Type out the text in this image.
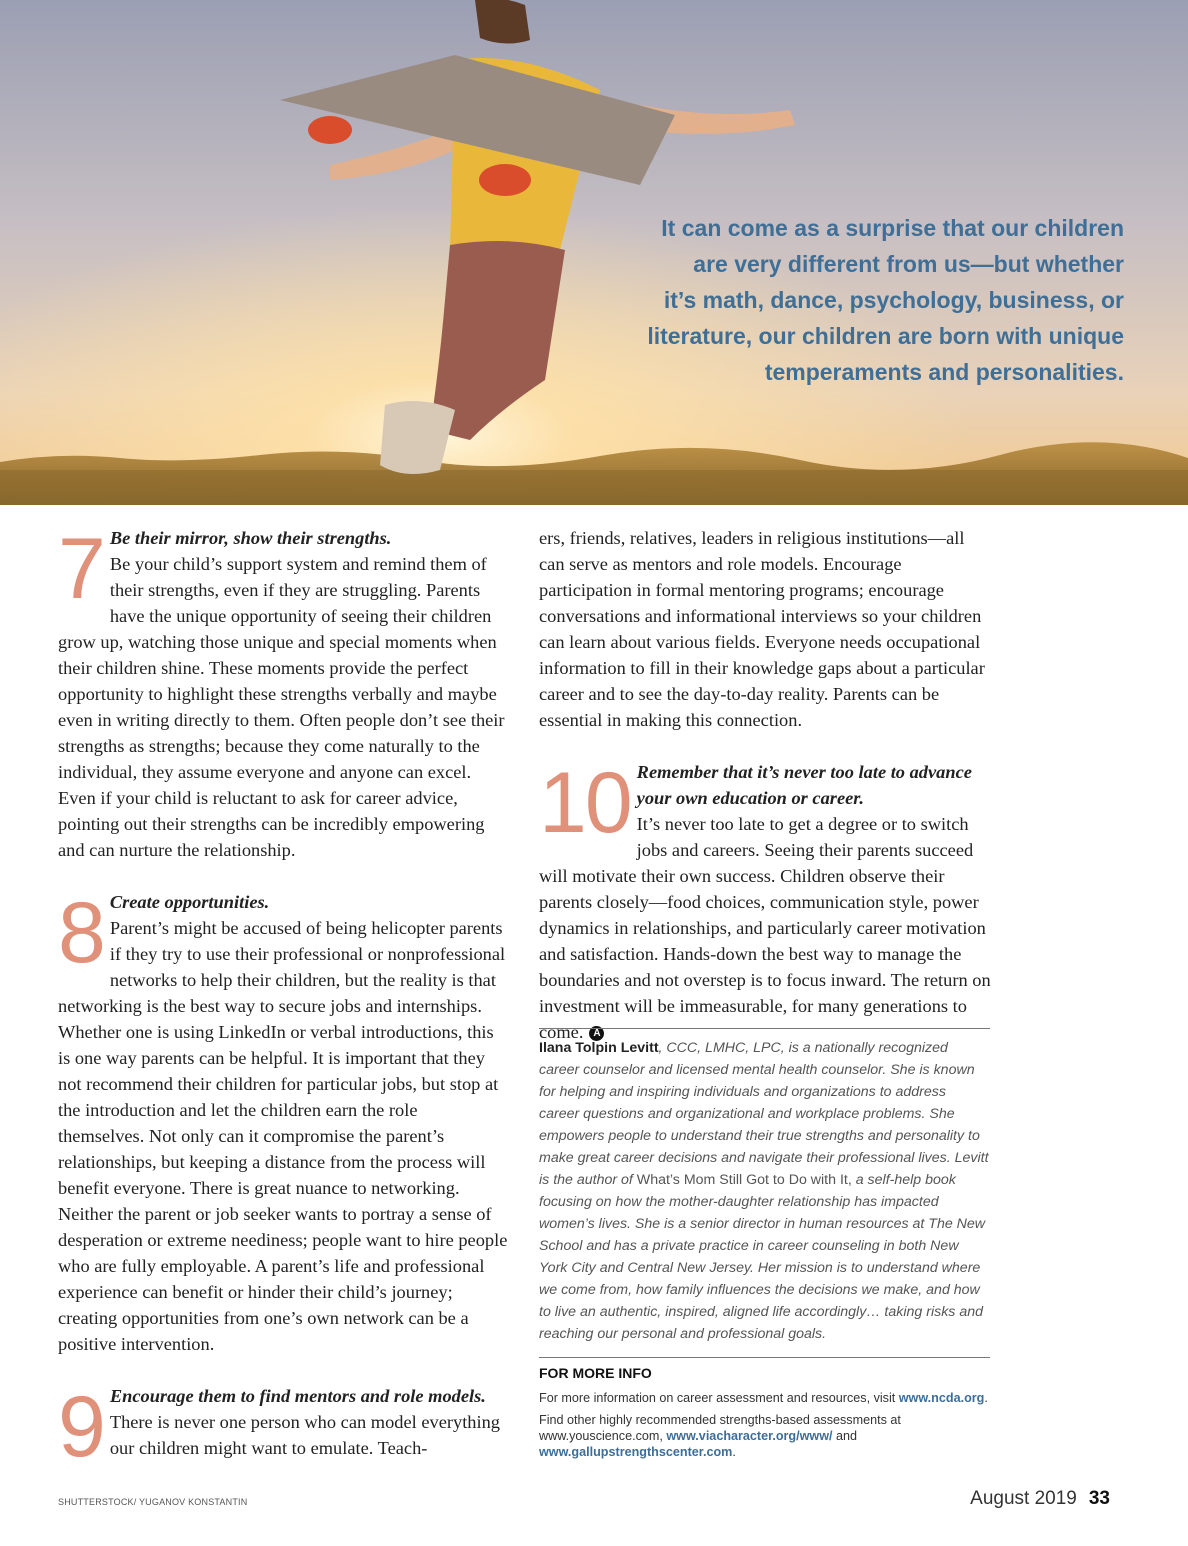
It can come as a surprise that our children
are very different from us—but whether
it’s math, dance, psychology, business, or
literature, our children are born with unique
temperaments and personalities.
7 Be their mirror, show their strengths.
Be your child’s support system and remind them of their strengths, even if they are struggling. Parents have the unique opportunity of seeing their children grow up, watching those unique and special moments when their children shine. These moments provide the perfect opportunity to highlight these strengths verbally and maybe even in writing directly to them. Often people don’t see their strengths as strengths; because they come naturally to the individual, they assume everyone and anyone can excel. Even if your child is reluctant to ask for career advice, pointing out their strengths can be incredibly empowering and can nurture the relationship.

8 Create opportunities.
Parent’s might be accused of being helicopter parents if they try to use their professional or nonprofessional networks to help their children, but the reality is that networking is the best way to secure jobs and internships. Whether one is using LinkedIn or verbal introductions, this is one way parents can be helpful. It is important that they not recommend their children for particular jobs, but stop at the introduction and let the children earn the role themselves. Not only can it compromise the parent’s relationships, but keeping a distance from the process will benefit everyone. There is great nuance to networking. Neither the parent or job seeker wants to portray a sense of desperation or extreme neediness; people want to hire people who are fully employable. A parent’s life and professional experience can benefit or hinder their child’s journey; creating opportunities from one’s own network can be a positive intervention.

9 Encourage them to find mentors and role models.
There is never one person who can model everything our children might want to emulate. Teach-

ers, friends, relatives, leaders in religious institutions—all can serve as mentors and role models. Encourage participation in formal mentoring programs; encourage conversations and informational interviews so your children can learn about various fields. Everyone needs occupational information to fill in their knowledge gaps about a particular career and to see the day-to-day reality. Parents can be essential in making this connection.

10 Remember that it’s never too late to advance your own education or career.
It’s never too late to get a degree or to switch jobs and careers. Seeing their parents succeed will motivate their own success. Children observe their parents closely—food choices, communication style, power dynamics in relationships, and particularly career motivation and satisfaction. Hands-down the best way to manage the boundaries and not overstep is to focus inward. The return on investment will be immeasurable, for many generations to come. A

Ilana Tolpin Levitt, CCC, LMHC, LPC, is a nationally recognized career counselor and licensed mental health counselor. She is known for helping and inspiring individuals and organizations to address career questions and organizational and workplace problems. She empowers people to understand their true strengths and personality to make great career decisions and navigate their professional lives. Levitt is the author of What’s Mom Still Got to Do with It, a self-help book focusing on how the mother-daughter relationship has impacted women’s lives. She is a senior director in human resources at The New School and has a private practice in career counseling in both New York City and Central New Jersey. Her mission is to understand where we come from, how family influences the decisions we make, and how to live an authentic, inspired, aligned life accordingly… taking risks and reaching our personal and professional goals.
FOR MORE INFO

For more information on career assessment and resources, visit www.ncda.org.

Find other highly recommended strengths-based assessments at www.youscience.com, www.viacharacter.org/www/ and www.gallupstrengthscenter.com.

SHUTTERSTOCK/ YUGANOV KONSTANTIN	August 2019 33
